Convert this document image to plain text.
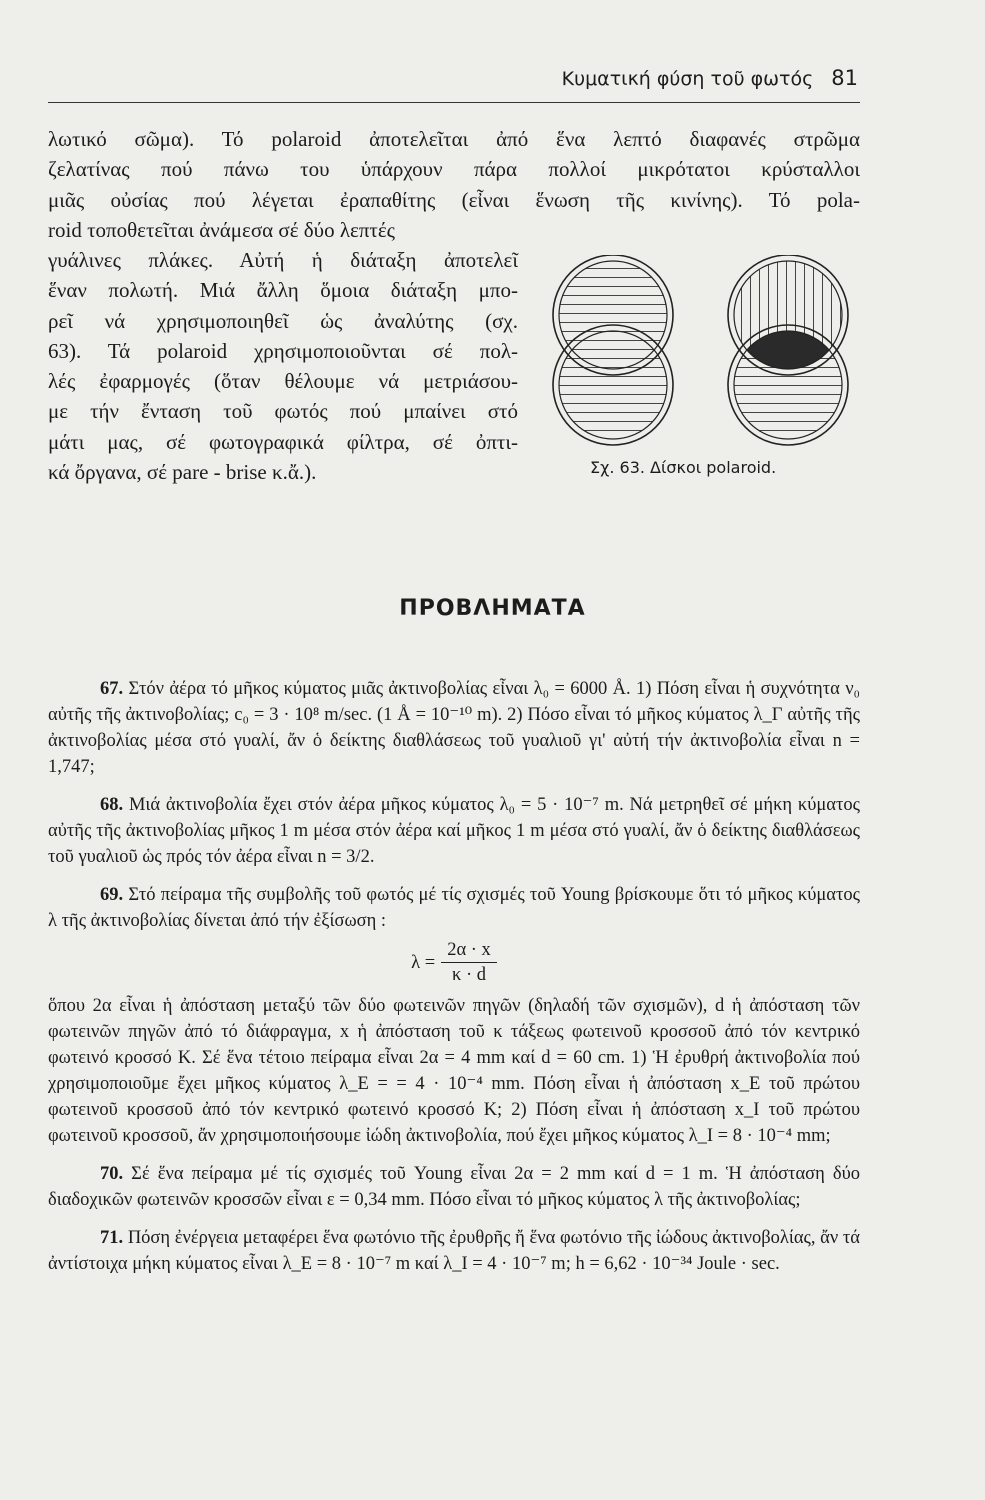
Κυματική φύση τοῦ φωτός 81
λωτικό σῶμα). Τό polaroid ἀποτελεῖται ἀπό ἕνα λεπτό διαφανές στρῶμα
ζελατίνας πού πάνω του ὑπάρχουν πάρα πολλοί μικρότατοι κρύσταλλοι
μιᾶς οὐσίας πού λέγεται ἐραπαθίτης (εἶναι ἕνωση τῆς κινίνης). Τό pola-
roid τοποθετεῖται ἀνάμεσα σέ δύο λεπτές
γυάλινες πλάκες. Αὐτή ἡ διάταξη ἀποτελεῖ
ἕναν πολωτή. Μιά ἄλλη ὅμοια διάταξη μπο-
ρεῖ νά χρησιμοποιηθεῖ ὡς ἀναλύτης (σχ.
63). Τά polaroid χρησιμοποιοῦνται σέ πολ-
λές ἐφαρμογές (ὅταν θέλουμε νά μετριάσου-
με τήν ἔνταση τοῦ φωτός πού μπαίνει στό
μάτι μας, σέ φωτογραφικά φίλτρα, σέ ὀπτι-
κά ὄργανα, σέ pare - brise κ.ἄ.).	Σχ. 63. Δίσκοι polaroid.
ΠΡΟΒΛΗΜΑΤΑ
67. Στόν ἀέρα τό μῆκος κύματος μιᾶς ἀκτινοβολίας εἶναι λ₀ = 6000 Å. 1) Πόση εἶναι ἡ συχνότητα ν₀ αὐτῆς τῆς ἀκτινοβολίας; c₀ = 3 · 10⁸ m/sec. (1 Å = 10⁻¹⁰ m). 2) Πόσο εἶναι τό μῆκος κύματος λ_Γ αὐτῆς τῆς ἀκτινοβολίας μέσα στό γυαλί, ἄν ὁ δείκτης διαθλάσεως τοῦ γυαλιοῦ γι' αὐτή τήν ἀκτινοβολία εἶναι n = 1,747;
68. Μιά ἀκτινοβολία ἔχει στόν ἀέρα μῆκος κύματος λ₀ = 5 · 10⁻⁷ m. Νά μετρηθεῖ σέ μήκη κύματος αὐτῆς τῆς ἀκτινοβολίας μῆκος 1 m μέσα στόν ἀέρα καί μῆκος 1 m μέσα στό γυαλί, ἄν ὁ δείκτης διαθλάσεως τοῦ γυαλιοῦ ὡς πρός τόν ἀέρα εἶναι n = 3/2.
69. Στό πείραμα τῆς συμβολῆς τοῦ φωτός μέ τίς σχισμές τοῦ Young βρίσκουμε ὅτι τό μῆκος κύματος λ τῆς ἀκτινοβολίας δίνεται ἀπό τήν ἐξίσωση :
$\lambda = \frac{2\alpha \cdot x}{\kappa \cdot d}$
ὅπου 2α εἶναι ἡ ἀπόσταση μεταξύ τῶν δύο φωτεινῶν πηγῶν (δηλαδή τῶν σχισμῶν), d ἡ ἀπόσταση τῶν φωτεινῶν πηγῶν ἀπό τό διάφραγμα, x ἡ ἀπόσταση τοῦ κ τάξεως φωτεινοῦ κροσσοῦ ἀπό τόν κεντρικό φωτεινό κροσσό Κ. Σέ ἕνα τέτοιο πείραμα εἶναι 2α = 4 mm καί d = 60 cm. 1) Ἡ ἐρυθρή ἀκτινοβολία πού χρησιμοποιοῦμε ἔχει μῆκος κύματος λ_E = = 4 · 10⁻⁴ mm. Πόση εἶναι ἡ ἀπόσταση x_E τοῦ πρώτου φωτεινοῦ κροσσοῦ ἀπό τόν κεντρικό φωτεινό κροσσό Κ; 2) Πόση εἶναι ἡ ἀπόσταση x_I τοῦ πρώτου φωτεινοῦ κροσσοῦ, ἄν χρησιμοποιήσουμε ἰώδη ἀκτινοβολία, πού ἔχει μῆκος κύματος λ_I = 8 · 10⁻⁴ mm;
70. Σέ ἕνα πείραμα μέ τίς σχισμές τοῦ Young εἶναι 2α = 2 mm καί d = 1 m. Ἡ ἀπόσταση δύο διαδοχικῶν φωτεινῶν κροσσῶν εἶναι ε = 0,34 mm. Πόσο εἶναι τό μῆκος κύματος λ τῆς ἀκτινοβολίας;
71. Πόση ἐνέργεια μεταφέρει ἕνα φωτόνιο τῆς ἐρυθρῆς ἤ ἕνα φωτόνιο τῆς ἰώδους ἀκτινοβολίας, ἄν τά ἀντίστοιχα μήκη κύματος εἶναι λ_E = 8 · 10⁻⁷ m καί λ_I = 4 · 10⁻⁷ m; h = 6,62 · 10⁻³⁴ Joule · sec.
